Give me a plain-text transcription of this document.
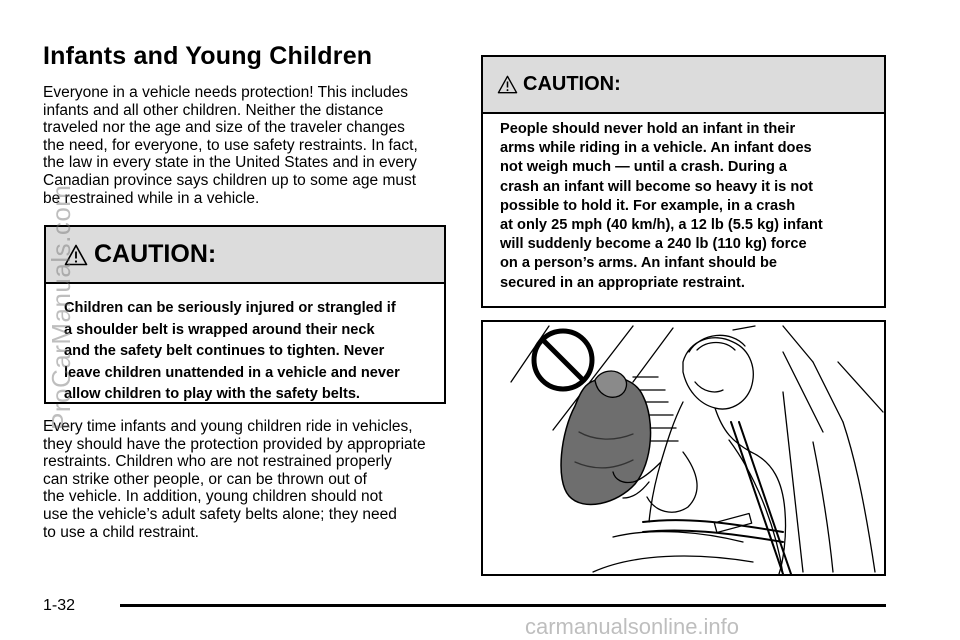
Infants and Young Children

Everyone in a vehicle needs protection! This includes
infants and all other children. Neither the distance
traveled nor the age and size of the traveler changes
the need, for everyone, to use safety restraints. In fact,
the law in every state in the United States and in every
Canadian province says children up to some age must
be restrained while in a vehicle.

CAUTION:

Children can be seriously injured or strangled if
a shoulder belt is wrapped around their neck
and the safety belt continues to tighten. Never
leave children unattended in a vehicle and never
allow children to play with the safety belts.

Every time infants and young children ride in vehicles,
they should have the protection provided by appropriate
restraints. Children who are not restrained properly
can strike other people, or can be thrown out of
the vehicle. In addition, young children should not
use the vehicle’s adult safety belts alone; they need
to use a child restraint.

CAUTION:

People should never hold an infant in their
arms while riding in a vehicle. An infant does
not weigh much — until a crash. During a
crash an infant will become so heavy it is not
possible to hold it. For example, in a crash
at only 25 mph (40 km/h), a 12 lb (5.5 kg) infant
will suddenly become a 240 lb (110 kg) force
on a person’s arms. An infant should be
secured in an appropriate restraint.

1-32
ProCarManuals.com
carmanualsonline.info
